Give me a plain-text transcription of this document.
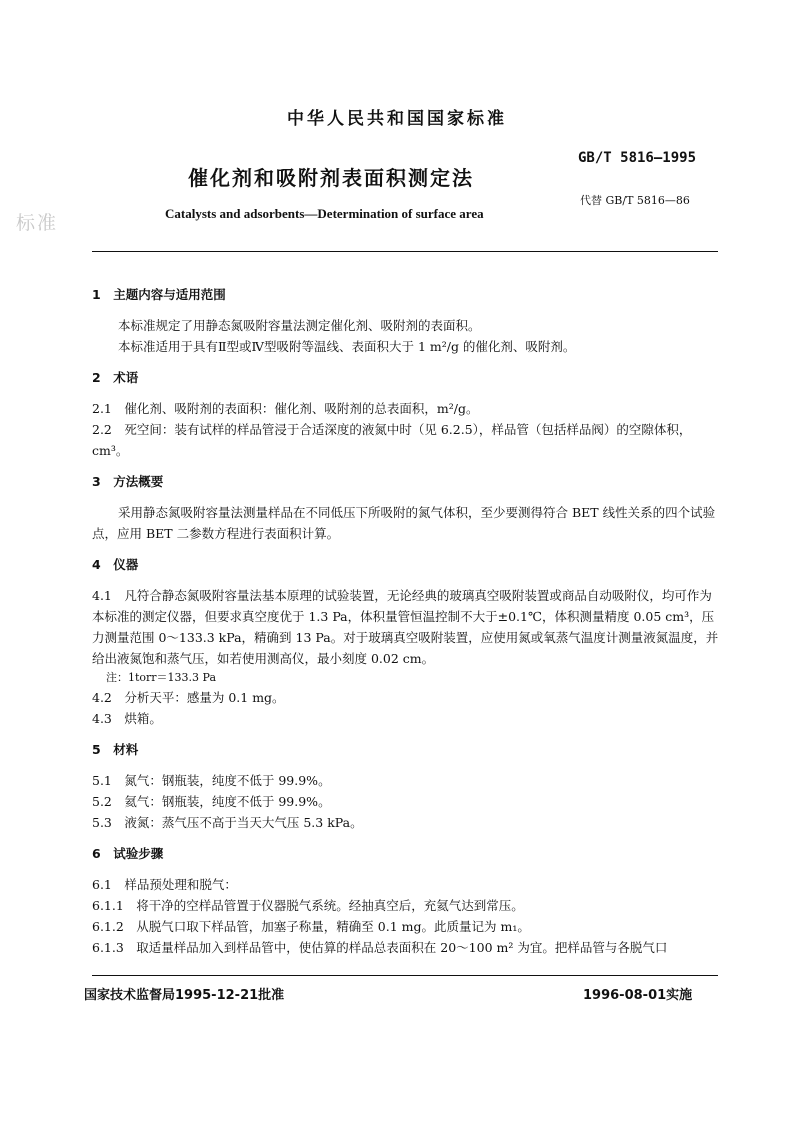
标准
中华人民共和国国家标准
GB/T 5816—1995
催化剂和吸附剂表面积测定法
代替 GB/T 5816—86
Catalysts and adsorbents—Determination of surface area
1　主题内容与适用范围

本标准规定了用静态氮吸附容量法测定催化剂、吸附剂的表面积。

本标准适用于具有Ⅱ型或Ⅳ型吸附等温线、表面积大于 1 m²/g 的催化剂、吸附剂。

2　术语

2.1　催化剂、吸附剂的表面积：催化剂、吸附剂的总表面积，m²/g。

2.2　死空间：装有试样的样品管浸于合适深度的液氮中时（见 6.2.5），样品管（包括样品阀）的空隙体积，cm³。

3　方法概要

采用静态氮吸附容量法测量样品在不同低压下所吸附的氮气体积，至少要测得符合 BET 线性关系的四个试验点，应用 BET 二参数方程进行表面积计算。

4　仪器

4.1　凡符合静态氮吸附容量法基本原理的试验装置，无论经典的玻璃真空吸附装置或商品自动吸附仪，均可作为本标准的测定仪器，但要求真空度优于 1.3 Pa，体积量管恒温控制不大于±0.1℃，体积测量精度 0.05 cm³，压力测量范围 0～133.3 kPa，精确到 13 Pa。对于玻璃真空吸附装置，应使用氮或氧蒸气温度计测量液氮温度，并给出液氮饱和蒸气压，如若使用测高仪，最小刻度 0.02 cm。

注：1torr＝133.3 Pa

4.2　分析天平：感量为 0.1 mg。

4.3　烘箱。

5　材料

5.1　氮气：钢瓶装，纯度不低于 99.9%。

5.2　氦气：钢瓶装，纯度不低于 99.9%。

5.3　液氮：蒸气压不高于当天大气压 5.3 kPa。

6　试验步骤

6.1　样品预处理和脱气：

6.1.1　将干净的空样品管置于仪器脱气系统。经抽真空后，充氦气达到常压。

6.1.2　从脱气口取下样品管，加塞子称量，精确至 0.1 mg。此质量记为 m₁。

6.1.3　取适量样品加入到样品管中，使估算的样品总表面积在 20～100 m² 为宜。把样品管与各脱气口

国家技术监督局1995-12-21批准	1996-08-01实施
